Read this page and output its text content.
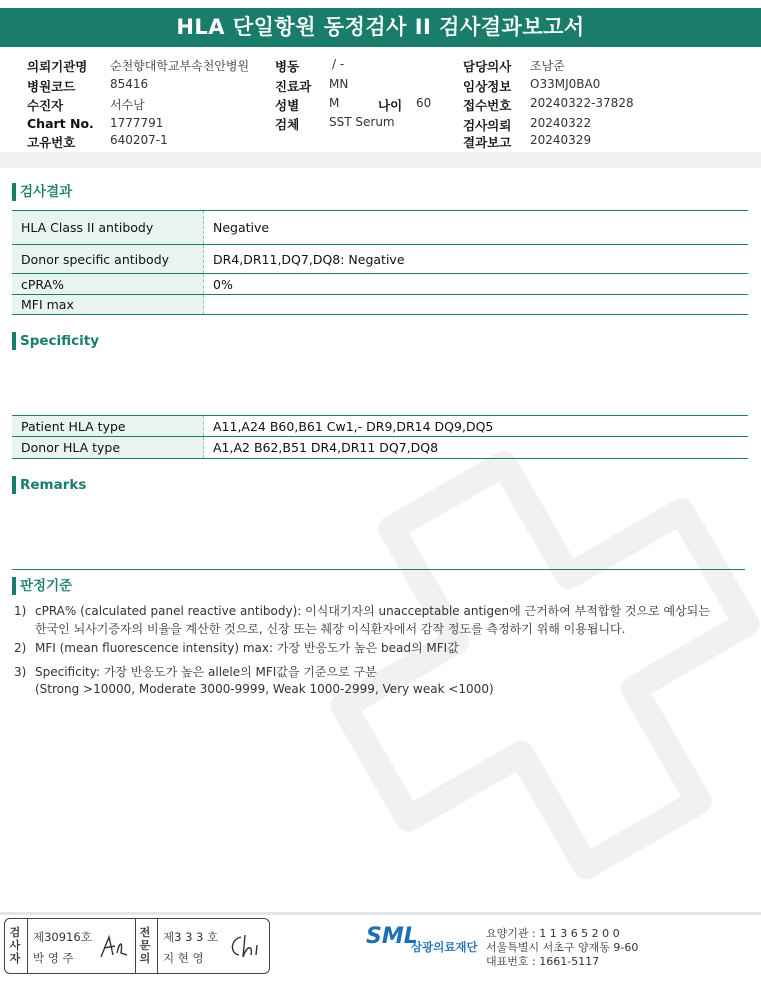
HLA 단일항원 동정검사 II 검사결과보고서
의뢰기관명 순천향대학교부속천안병원
병원코드	85416
수진자	서수남
Chart No. 1777791
고유번호	640207-1
병동	/ -
진료과 MN
성별 M	나이 60
검체 SST Serum
담당의사 조남준
임상정보 O33MJ0BA0
접수번호 20240322-37828
검사의뢰 20240322
결과보고 20240329
검사결과
HLA Class II antibody	Negative
Donor specific antibody	DR4,DR11,DQ7,DQ8: Negative
cPRA%	0%
MFI max	
Specificity
Patient HLA type	A11,A24 B60,B61 Cw1,- DR9,DR14 DQ9,DQ5
Donor HLA type	A1,A2 B62,B51 DR4,DR11 DQ7,DQ8
Remarks
판정기준
1) cPRA% (calculated panel reactive antibody): 이식대기자의 unacceptable antigen에 근거하여 부적합할 것으로 예상되는
한국인 뇌사기증자의 비율을 계산한 것으로, 신장 또는 췌장 이식환자에서 감작 정도를 측정하기 위해 이용됩니다.
2) MFI (mean fluorescence intensity) max: 가장 반응도가 높은 bead의 MFI값
3) Specificity: 가장 반응도가 높은 allele의 MFI값을 기준으로 구분
(Strong >10000, Moderate 3000-9999, Weak 1000-2999, Very weak <1000)
검
사
자
제30916호
박 영 주
전
문
의
제3 3 3 호
지 현 영
SML
삼광의료재단
요양기관 : 1 1 3 6 5 2 0 0
서울특별시 서초구 양재동 9-60
대표번호 : 1661-5117
